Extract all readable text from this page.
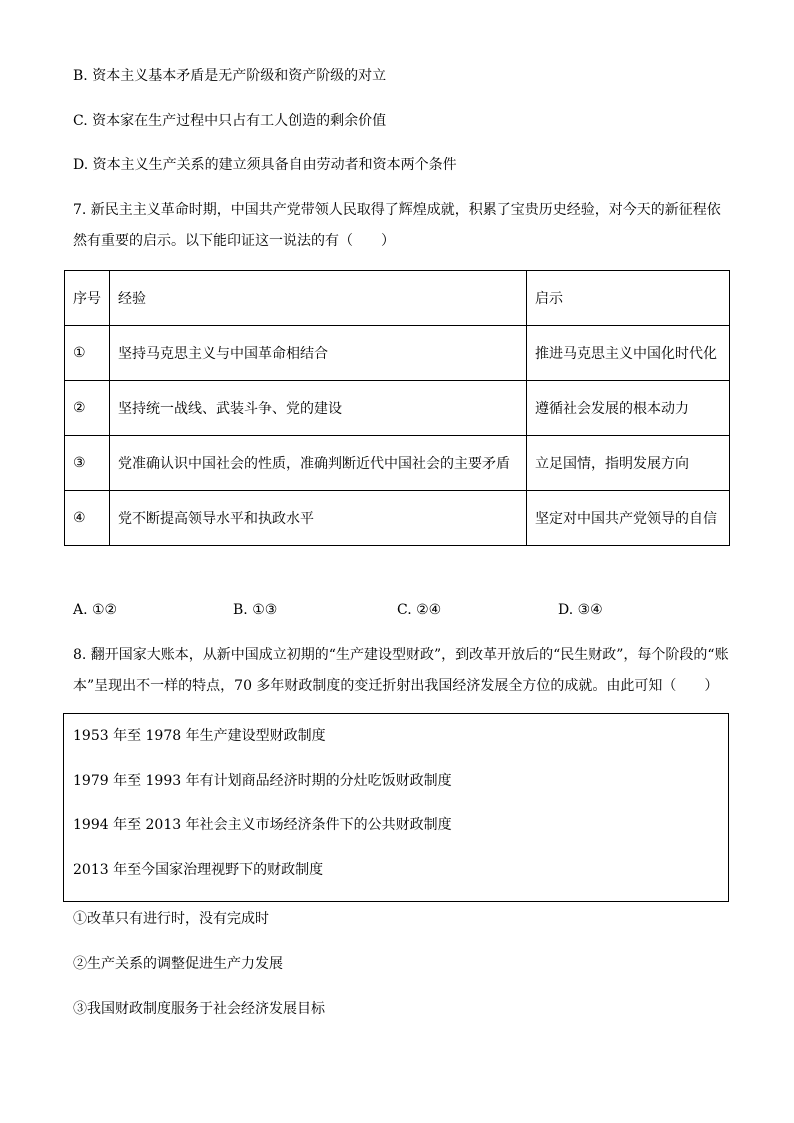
B. 资本主义基本矛盾是无产阶级和资产阶级的对立
C. 资本家在生产过程中只占有工人创造的剩余价值
D. 资本主义生产关系的建立须具备自由劳动者和资本两个条件
7. 新民主主义革命时期，中国共产党带领人民取得了辉煌成就，积累了宝贵历史经验，对今天的新征程依
然有重要的启示。以下能印证这一说法的有（　　）
序号	经验	启示
①	坚持马克思主义与中国革命相结合	推进马克思主义中国化时代化
②	坚持统一战线、武装斗争、党的建设	遵循社会发展的根本动力
③	党准确认识中国社会的性质，准确判断近代中国社会的主要矛盾	立足国情，指明发展方向
④	党不断提高领导水平和执政水平	坚定对中国共产党领导的自信
A. ①②	B. ①③	C. ②④	D. ③④
8. 翻开国家大账本，从新中国成立初期的“生产建设型财政”，到改革开放后的“民生财政”，每个阶段的“账
本”呈现出不一样的特点，70 多年财政制度的变迁折射出我国经济发展全方位的成就。由此可知（　　）
1953 年至 1978 年生产建设型财政制度
1979 年至 1993 年有计划商品经济时期的分灶吃饭财政制度
1994 年至 2013 年社会主义市场经济条件下的公共财政制度
2013 年至今国家治理视野下的财政制度
①改革只有进行时，没有完成时
②生产关系的调整促进生产力发展
③我国财政制度服务于社会经济发展目标
